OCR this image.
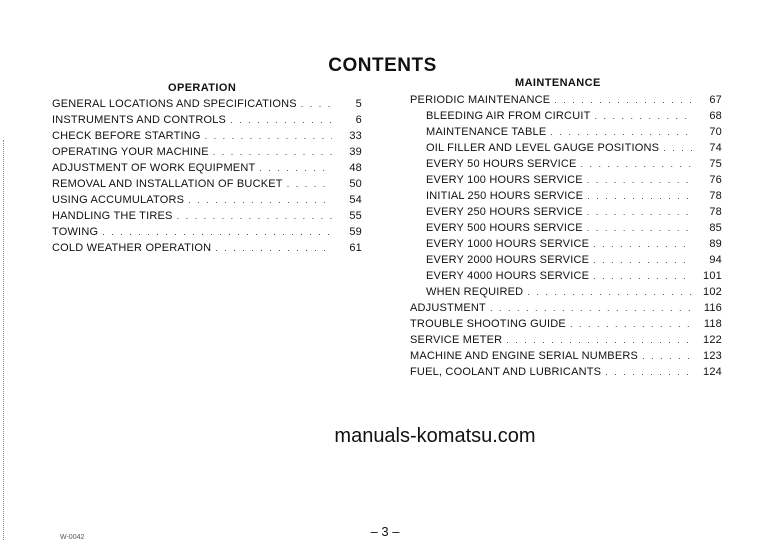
CONTENTS
OPERATION
GENERAL LOCATIONS AND SPECIFICATIONS . . .	5
INSTRUMENTS AND CONTROLS . . .	6
CHECK BEFORE STARTING . . .	33
OPERATING YOUR MACHINE . . .	39
ADJUSTMENT OF WORK EQUIPMENT . . .	48
REMOVAL AND INSTALLATION OF BUCKET . . .	50
USING ACCUMULATORS . . .	54
HANDLING THE TIRES . . .	55
TOWING . . .	59
COLD WEATHER OPERATION . . .	61
MAINTENANCE
PERIODIC MAINTENANCE . . .	67
BLEEDING AIR FROM CIRCUIT . . .	68
MAINTENANCE TABLE . . .	70
OIL FILLER AND LEVEL GAUGE POSITIONS . . .	74
EVERY 50 HOURS SERVICE . . .	75
EVERY 100 HOURS SERVICE . . .	76
INITIAL 250 HOURS SERVICE . . .	78
EVERY 250 HOURS SERVICE . . .	78
EVERY 500 HOURS SERVICE . . .	85
EVERY 1000 HOURS SERVICE . . .	89
EVERY 2000 HOURS SERVICE . . .	94
EVERY 4000 HOURS SERVICE . . .	101
WHEN REQUIRED . . .	102
ADJUSTMENT . . .	116
TROUBLE SHOOTING GUIDE . . .	118
SERVICE METER . . .	122
MACHINE AND ENGINE SERIAL NUMBERS . . .	123
FUEL, COOLANT AND LUBRICANTS . . .	124
manuals-komatsu.com
– 3 –
W-0042
